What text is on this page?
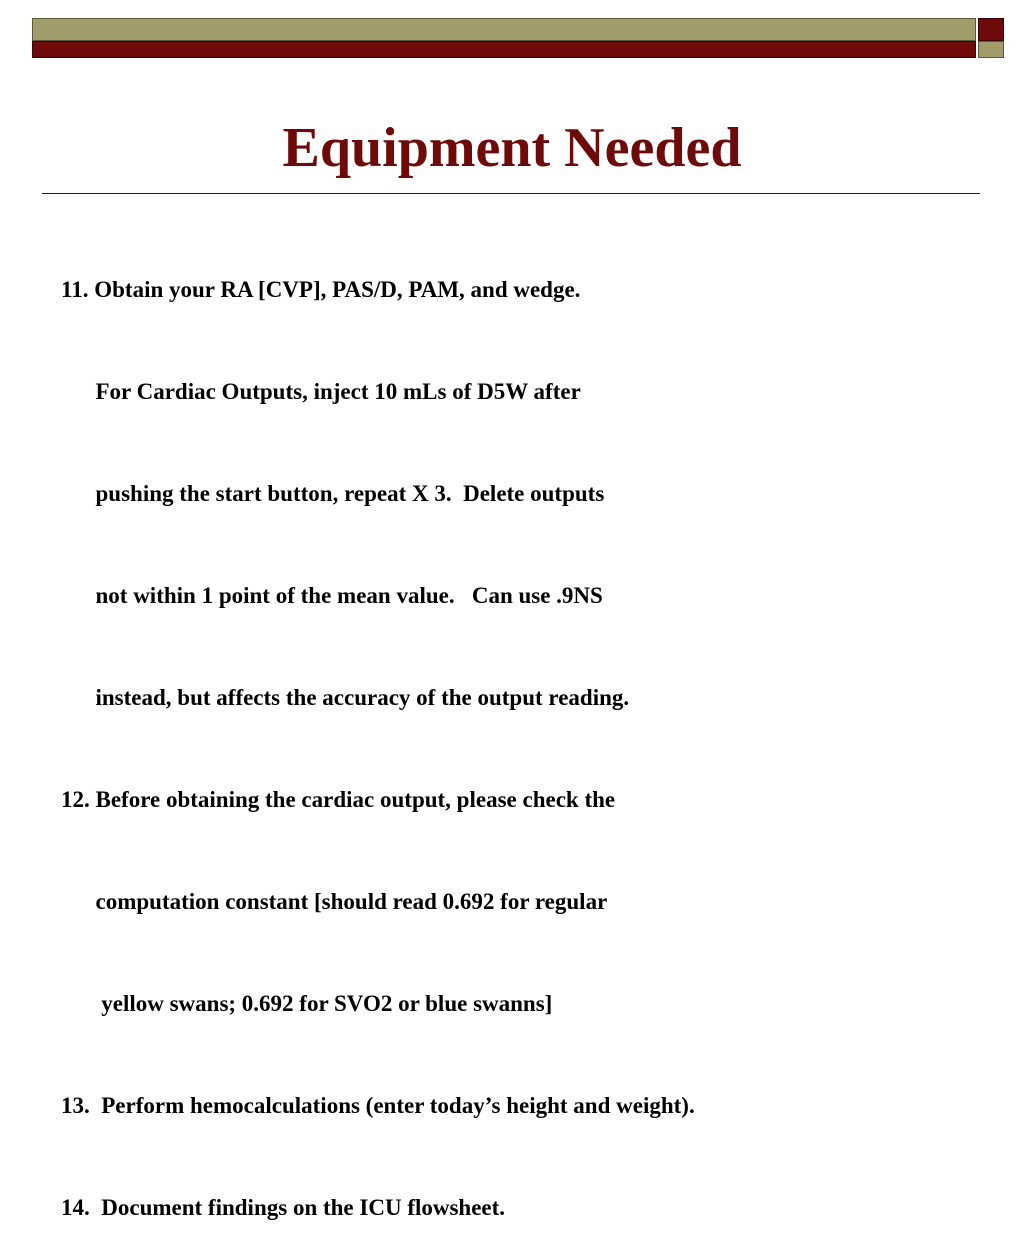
Equipment Needed

11. Obtain your RA [CVP], PAS/D, PAM, and wedge.

For Cardiac Outputs, inject 10 mLs of D5W after

pushing the start button, repeat X 3.  Delete outputs

not within 1 point of the mean value.   Can use .9NS

instead, but affects the accuracy of the output reading.

12. Before obtaining the cardiac output, please check the

computation constant [should read 0.692 for regular

yellow swans; 0.692 for SVO2 or blue swanns]

13.  Perform hemocalculations (enter today’s height and weight).

14.  Document findings on the ICU flowsheet.
